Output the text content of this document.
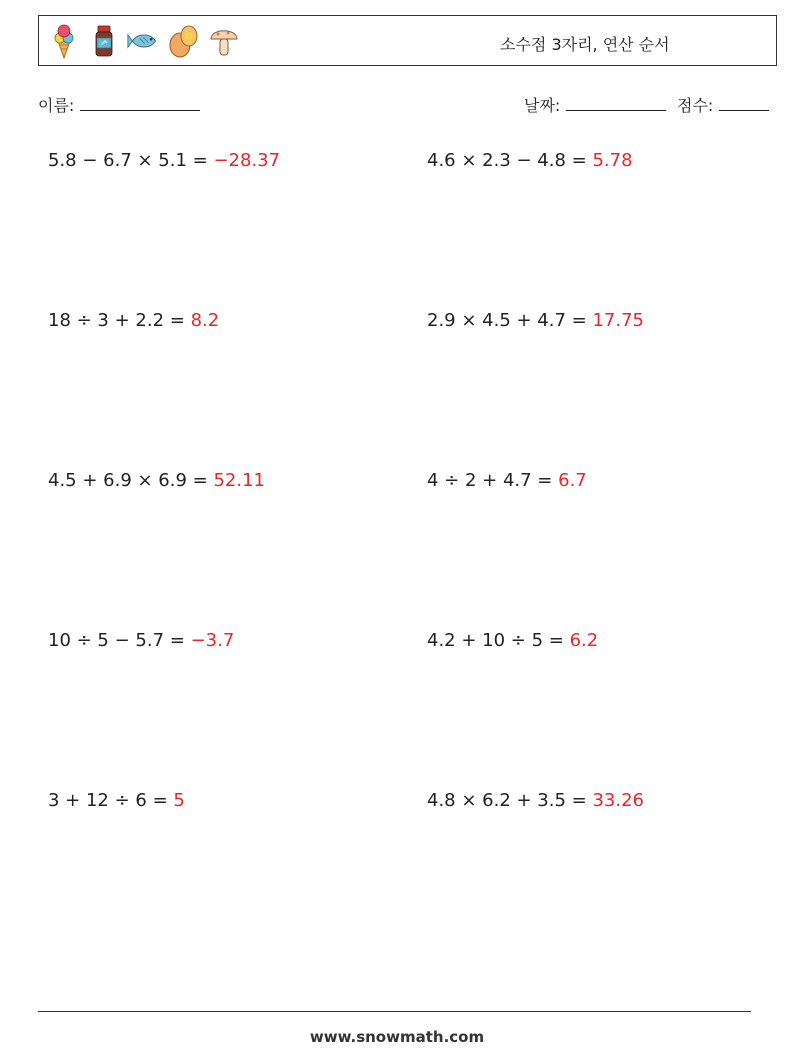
소수점 3자리, 연산 순서
이름:	날짜:	점수:
5.8 − 6.7 × 5.1 = −28.37	4.6 × 2.3 − 4.8 = 5.78
18 ÷ 3 + 2.2 = 8.2	2.9 × 4.5 + 4.7 = 17.75
4.5 + 6.9 × 6.9 = 52.11	4 ÷ 2 + 4.7 = 6.7
10 ÷ 5 − 5.7 = −3.7	4.2 + 10 ÷ 5 = 6.2
3 + 12 ÷ 6 = 5	4.8 × 6.2 + 3.5 = 33.26
www.snowmath.com
